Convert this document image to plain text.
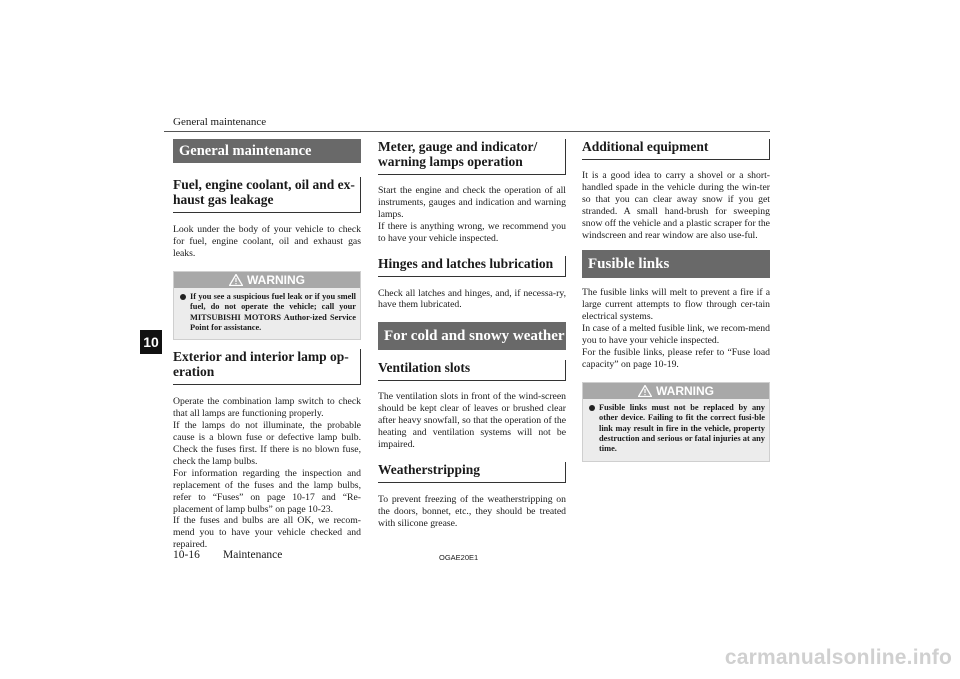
General maintenance
10
General maintenance
Fuel, engine coolant, oil and ex-
haust gas leakage

Look under the body of your vehicle to check for fuel, engine coolant, oil and exhaust gas leaks.

WARNING

If you see a suspicious fuel leak or if you smell fuel, do not operate the vehicle; call your MITSUBISHI MOTORS Author-ized Service Point for assistance.

Exterior and interior lamp op-
eration

Operate the combination lamp switch to check that all lamps are functioning properly.
If the lamps do not illuminate, the probable cause is a blown fuse or defective lamp bulb. Check the fuses first. If there is no blown fuse, check the lamp bulbs.
For information regarding the inspection and replacement of the fuses and the lamp bulbs, refer to “Fuses” on page 10-17 and “Re-placement of lamp bulbs” on page 10-23.
If the fuses and bulbs are all OK, we recom-mend you to have your vehicle checked and repaired.

Meter, gauge and indicator/
warning lamps operation

Start the engine and check the operation of all instruments, gauges and indication and warning lamps.
If there is anything wrong, we recommend you to have your vehicle inspected.

Hinges and latches lubrication

Check all latches and hinges, and, if necessa-ry, have them lubricated.

For cold and snowy weather
Ventilation slots

The ventilation slots in front of the wind-screen should be kept clear of leaves or brushed clear after heavy snowfall, so that the operation of the heating and ventilation systems will not be impaired.

Weatherstripping

To prevent freezing of the weatherstripping on the doors, bonnet, etc., they should be treated with silicone grease.

Additional equipment

It is a good idea to carry a shovel or a short-handled spade in the vehicle during the win-ter so that you can clear away snow if you get stranded. A small hand-brush for sweeping snow off the vehicle and a plastic scraper for the windscreen and rear window are also use-ful.

Fusible links

The fusible links will melt to prevent a fire if a large current attempts to flow through cer-tain electrical systems.
In case of a melted fusible link, we recom-mend you to have your vehicle inspected.
For the fusible links, please refer to “Fuse load capacity” on page 10-19.

WARNING

Fusible links must not be replaced by any other device. Failing to fit the correct fusi-ble link may result in fire in the vehicle, property destruction and serious or fatal injuries at any time.

10-16 Maintenance	OGAE20E1
carmanualsonline.info
